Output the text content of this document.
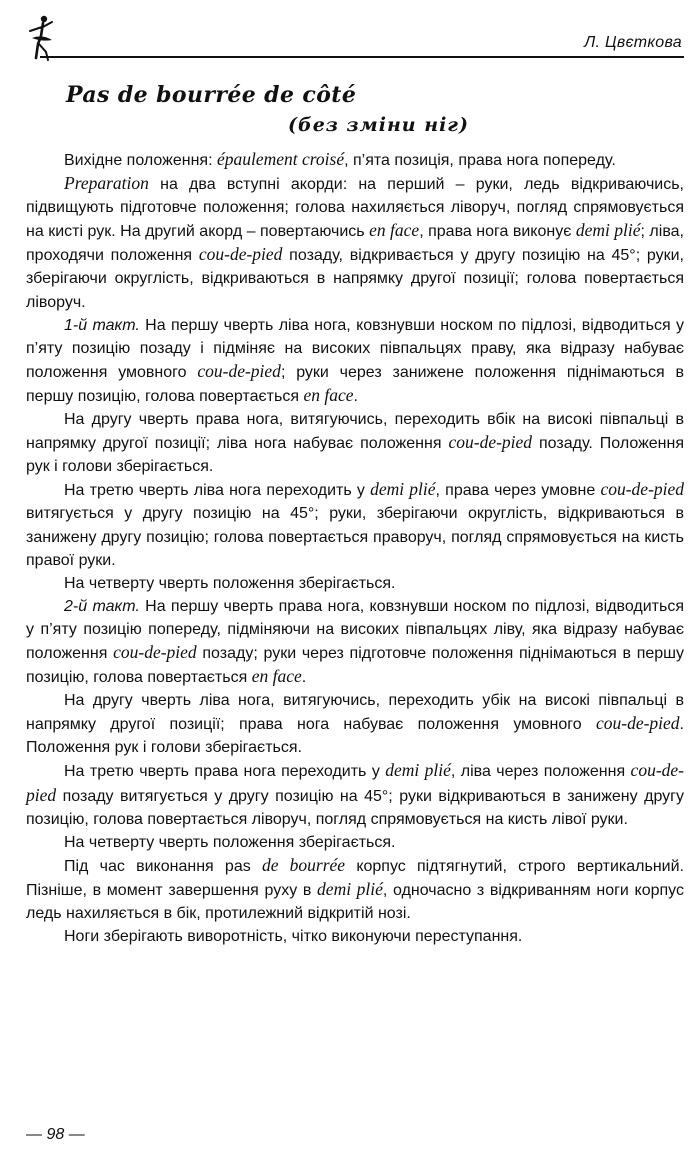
Л. Цвєткова
Pas de bourrée de côté
(без зміни ніг)

Вихідне положення: épaulement croisé, п’ята позиція, права нога попереду.

Preparation на два вступні акорди: на перший – руки, ледь відкриваючись, підвищують підготовче положення; голова нахиляється ліворуч, погляд спрямовується на кисті рук. На другий акорд – повертаючись en face, права нога виконує demi plié; ліва, проходячи положення cou-de-pied позаду, відкривається у другу позицію на 45°; руки, зберігаючи округлість, відкриваються в напрямку другої позиції; голова повертається ліворуч.

1-й такт. На першу чверть ліва нога, ковзнувши носком по підлозі, відводиться у п’яту позицію позаду і підміняє на високих півпальцях праву, яка відразу набуває положення умовного cou-de-pied; руки через занижене положення піднімаються в першу позицію, голова повертається en face.

На другу чверть права нога, витягуючись, переходить вбік на високі півпальці в напрямку другої позиції; ліва нога набуває положення cou-de-pied позаду. Положення рук і голови зберігається.

На третю чверть ліва нога переходить у demi plié, права через умовне cou-de-pied витягується у другу позицію на 45°; руки, зберігаючи округлість, відкриваються в занижену другу позицію; голова повертається праворуч, погляд спрямовується на кисть правої руки.

На четверту чверть положення зберігається.

2-й такт. На першу чверть права нога, ковзнувши носком по підлозі, відводиться у п’яту позицію попереду, підміняючи на високих півпальцях ліву, яка відразу набуває положення cou-de-pied позаду; руки через підготовче положення піднімаються в першу позицію, голова повертається en face.

На другу чверть ліва нога, витягуючись, переходить убік на високі півпальці в напрямку другої позиції; права нога набуває положення умовного cou-de-pied. Положення рук і голови зберігається.

На третю чверть права нога переходить у demi plié, ліва через положення cou-de-pied позаду витягується у другу позицію на 45°; руки відкриваються в занижену другу позицію, голова повертається ліворуч, погляд спрямовується на кисть лівої руки.

На четверту чверть положення зберігається.

Під час виконання pas de bourrée корпус підтягнутий, строго вертикальний. Пізніше, в момент завершення руху в demi plié, одночасно з відкриванням ноги корпус ледь нахиляється в бік, протилежний відкритій нозі.

Ноги зберігають виворотність, чітко виконуючи переступання.

— 98 —
